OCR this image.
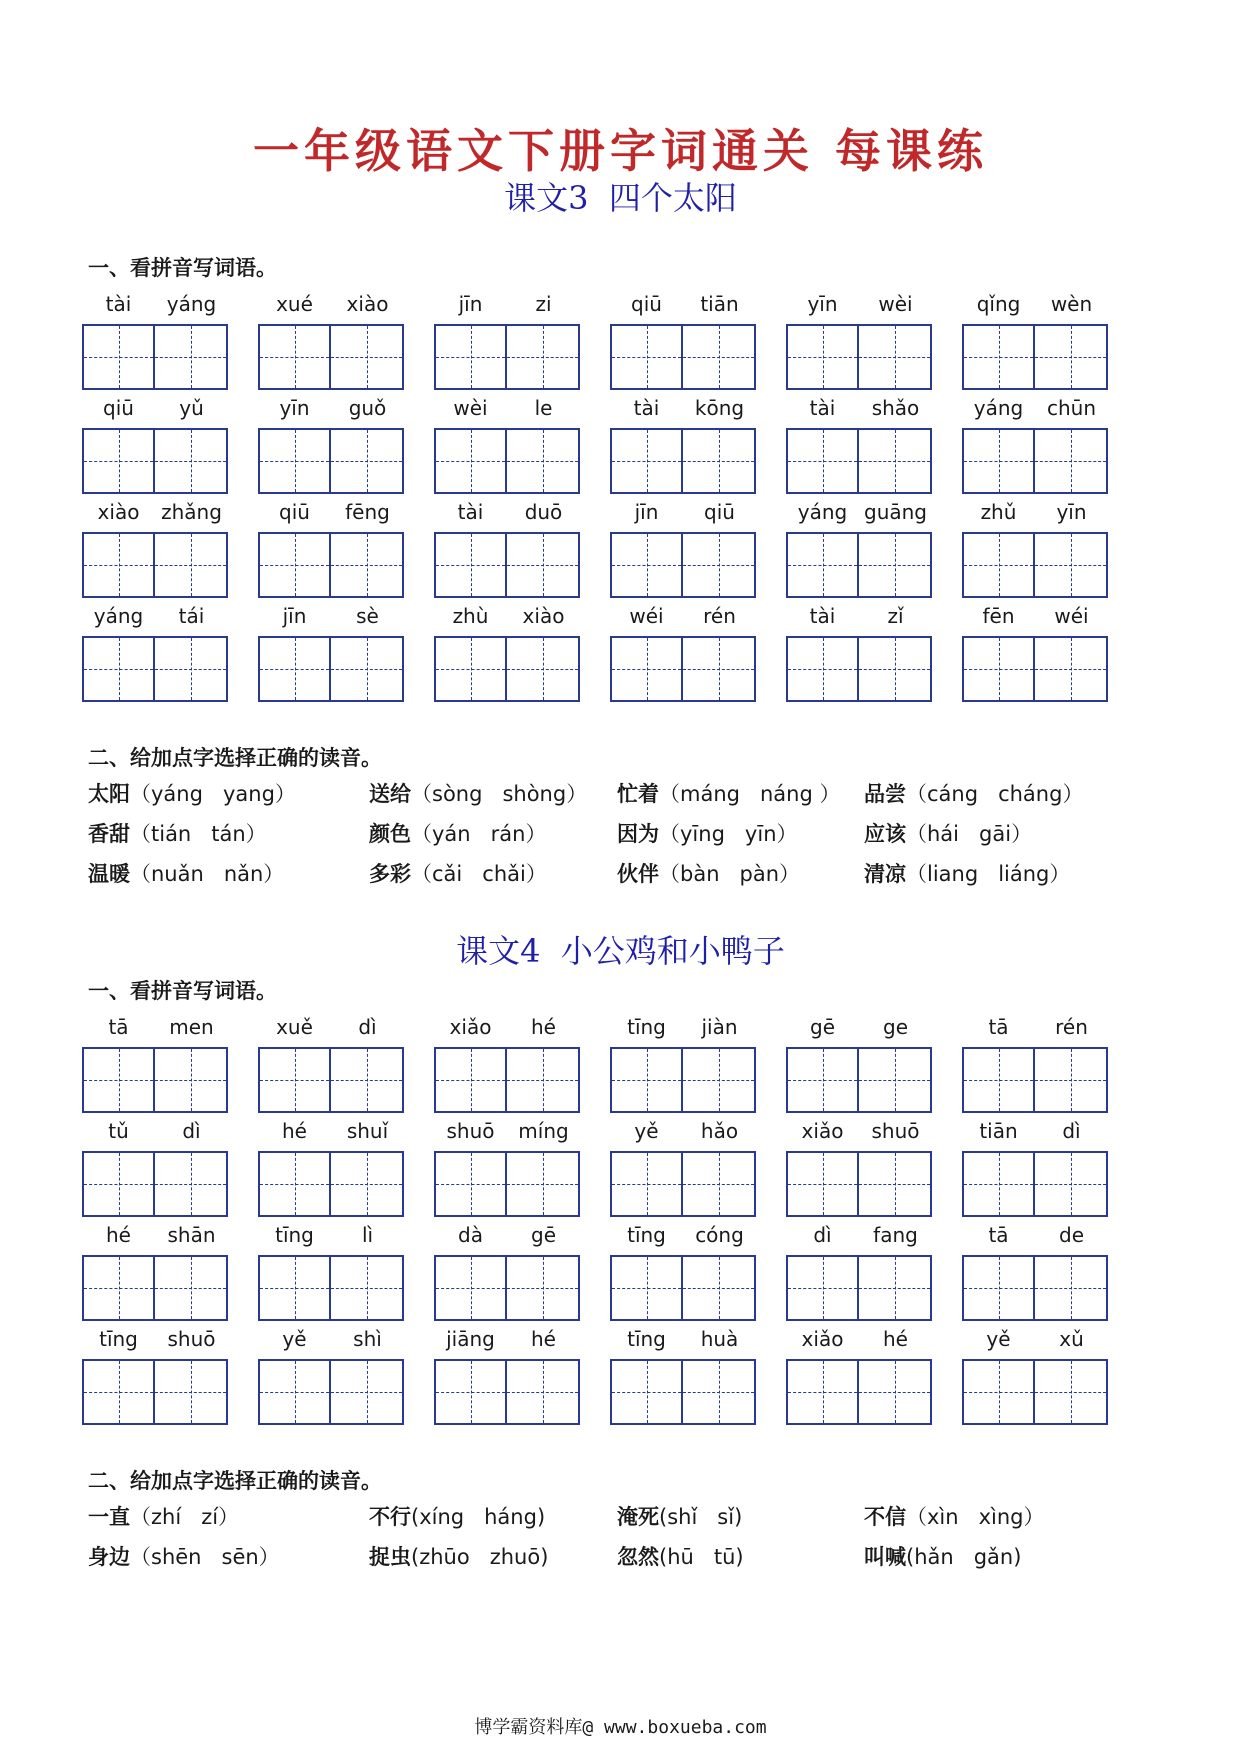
一年级语文下册字词通关 每课练
课文3  四个太阳
一、看拼音写词语。
tài	yáng	xué	xiào	jīn	zi	qiū	tiān	yīn	wèi	qǐng	wèn
qiū	yǔ	yīn	guǒ	wèi	le	tài	kōng	tài	shǎo	yáng	chūn
xiào	zhǎng	qiū	fēng	tài	duō	jīn	qiū	yáng guāng	zhǔ	yīn
yáng	tái	jīn	sè	zhù	xiào	wéi	rén	tài	zǐ	fēn	wéi
二、给加点字选择正确的读音。
太阳（yáng   yang）	送给（sòng   shòng） 忙着（máng   náng ） 品尝（cáng   cháng）
香甜（tián   tán）	颜色（yán   rán）	因为（yīng   yīn）	应该（hái   gāi）
温暖（nuǎn   nǎn）	多彩（cǎi   chǎi）	伙伴（bàn   pàn）	清凉（liang   liáng）
课文4  小公鸡和小鸭子
一、看拼音写词语。
tā	men	xuě	dì	xiǎo	hé	tīng	jiàn	gē	ge	tā	rén
tǔ	dì	hé	shuǐ	shuō	míng	yě	hǎo	xiǎo	shuō	tiān	dì
hé	shān	tīng	lì	dà	gē	tīng	cóng	dì	fang	tā	de
tīng	shuō	yě	shì	jiāng	hé	tīng	huà	xiǎo	hé	yě	xǔ
二、给加点字选择正确的读音。
一直（zhí   zí）	不行(xíng   háng)	淹死(shǐ   sǐ)	不信（xìn   xìng）
身边（shēn   sēn）	捉虫(zhūo   zhuō)	忽然(hū   tū)	叫喊(hǎn   gǎn)
博学霸资料库@ www.boxueba.com
